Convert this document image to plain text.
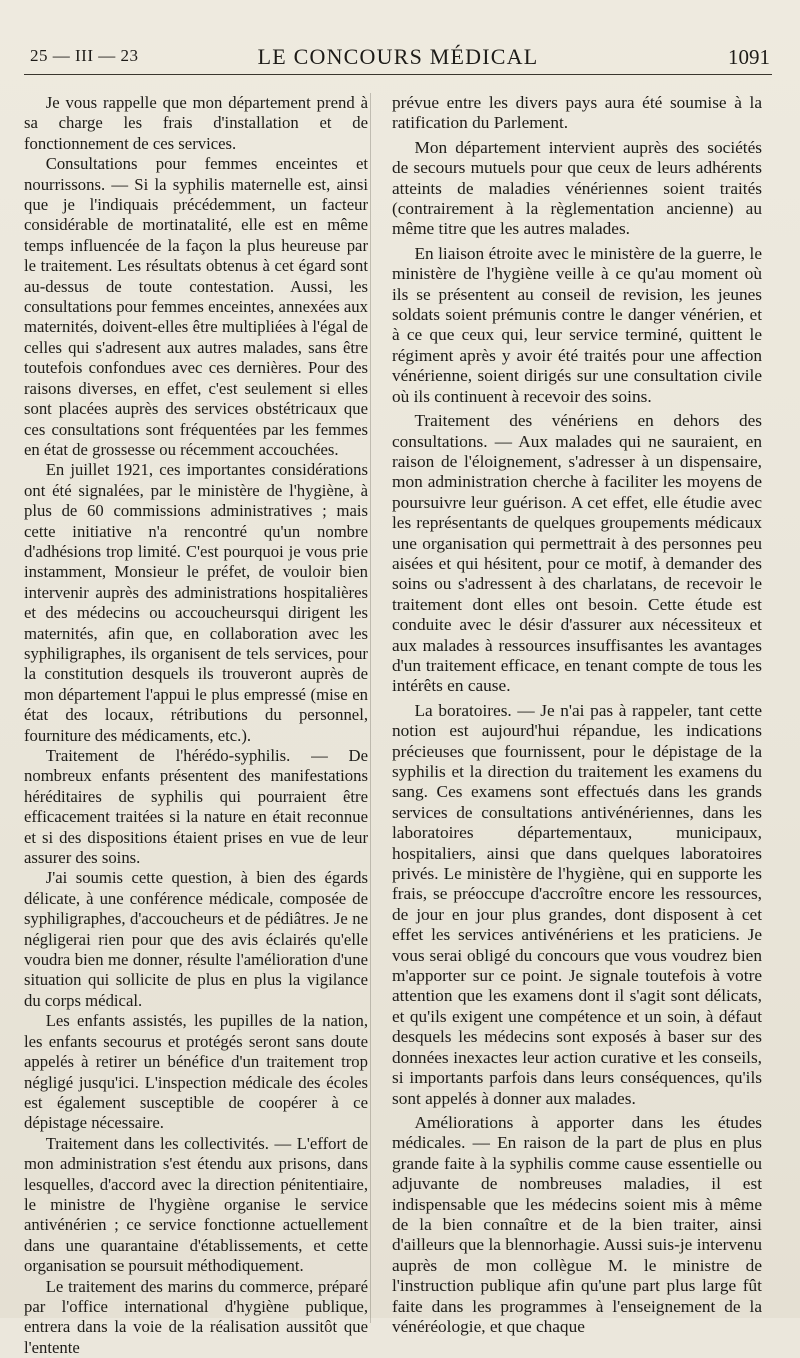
25 — III — 23	LE CONCOURS MÉDICAL	1091

Je vous rappelle que mon département prend à sa charge les frais d'installation et de fonctionnement de ces services.

Consultations pour femmes enceintes et nourrissons. — Si la syphilis maternelle est, ainsi que je l'indiquais précédemment, un facteur considérable de mortinatalité, elle est en même temps influencée de la façon la plus heureuse par le traitement. Les résultats obtenus à cet égard sont au-dessus de toute contestation. Aussi, les consultations pour femmes enceintes, annexées aux maternités, doivent-elles être multipliées à l'égal de celles qui s'adresent aux autres malades, sans être toutefois confondues avec ces dernières. Pour des raisons diverses, en effet, c'est seulement si elles sont placées auprès des services obstétricaux que ces consultations sont fréquentées par les femmes en état de grossesse ou récemment accouchées.

En juillet 1921, ces importantes considérations ont été signalées, par le ministère de l'hygiène, à plus de 60 commissions administratives ; mais cette initiative n'a rencontré qu'un nombre d'adhésions trop limité. C'est pourquoi je vous prie instamment, Monsieur le préfet, de vouloir bien intervenir auprès des administrations hospitalières et des médecins ou accoucheursqui dirigent les maternités, afin que, en collaboration avec les syphiligraphes, ils organisent de tels services, pour la constitution desquels ils trouveront auprès de mon département l'appui le plus empressé (mise en état des locaux, rétributions du personnel, fourniture des médicaments, etc.).

Traitement de l'hérédo-syphilis. — De nombreux enfants présentent des manifestations héréditaires de syphilis qui pourraient être efficacement traitées si la nature en était reconnue et si des dispositions étaient prises en vue de leur assurer des soins.

J'ai soumis cette question, à bien des égards délicate, à une conférence médicale, composée de syphiligraphes, d'accoucheurs et de pédiâtres. Je ne négligerai rien pour que des avis éclairés qu'elle voudra bien me donner, résulte l'amélioration d'une situation qui sollicite de plus en plus la vigilance du corps médical.

Les enfants assistés, les pupilles de la nation, les enfants secourus et protégés seront sans doute appelés à retirer un bénéfice d'un traitement trop négligé jusqu'ici. L'inspection médicale des écoles est également susceptible de coopérer à ce dépistage nécessaire.

Traitement dans les collectivités. — L'effort de mon administration s'est étendu aux prisons, dans lesquelles, d'accord avec la direction pénitentiaire, le ministre de l'hygiène organise le service antivénérien ; ce service fonctionne actuellement dans une quarantaine d'établissements, et cette organisation se poursuit méthodiquement.

Le traitement des marins du commerce, préparé par l'office international d'hygiène publique, entrera dans la voie de la réalisation aussitôt que l'entente

prévue entre les divers pays aura été soumise à la ratification du Parlement.

Mon département intervient auprès des sociétés de secours mutuels pour que ceux de leurs adhérents atteints de maladies vénériennes soient traités (contrairement à la règlementation ancienne) au même titre que les autres malades.

En liaison étroite avec le ministère de la guerre, le ministère de l'hygiène veille à ce qu'au moment où ils se présentent au conseil de revision, les jeunes soldats soient prémunis contre le danger vénérien, et à ce que ceux qui, leur service terminé, quittent le régiment après y avoir été traités pour une affection vénérienne, soient dirigés sur une consultation civile où ils continuent à recevoir des soins.

Traitement des vénériens en dehors des consultations. — Aux malades qui ne sauraient, en raison de l'éloignement, s'adresser à un dispensaire, mon administration cherche à faciliter les moyens de poursuivre leur guérison. A cet effet, elle étudie avec les représentants de quelques groupements médicaux une organisation qui permettrait à des personnes peu aisées et qui hésitent, pour ce motif, à demander des soins ou s'adressent à des charlatans, de recevoir le traitement dont elles ont besoin. Cette étude est conduite avec le désir d'assurer aux nécessiteux et aux malades à ressources insuffisantes les avantages d'un traitement efficace, en tenant compte de tous les intérêts en cause.

La boratoires. — Je n'ai pas à rappeler, tant cette notion est aujourd'hui répandue, les indications précieuses que fournissent, pour le dépistage de la syphilis et la direction du traitement les examens du sang. Ces examens sont effectués dans les grands services de consultations antivénériennes, dans les laboratoires départementaux, municipaux, hospitaliers, ainsi que dans quelques laboratoires privés. Le ministère de l'hygiène, qui en supporte les frais, se préoccupe d'accroître encore les ressources, de jour en jour plus grandes, dont disposent à cet effet les services antivénériens et les praticiens. Je vous serai obligé du concours que vous voudrez bien m'apporter sur ce point. Je signale toutefois à votre attention que les examens dont il s'agit sont délicats, et qu'ils exigent une compétence et un soin, à défaut desquels les médecins sont exposés à baser sur des données inexactes leur action curative et les conseils, si importants parfois dans leurs conséquences, qu'ils sont appelés à donner aux malades.

Améliorations à apporter dans les études médicales. — En raison de la part de plus en plus grande faite à la syphilis comme cause essentielle ou adjuvante de nombreuses maladies, il est indispensable que les médecins soient mis à même de la bien connaître et de la bien traiter, ainsi d'ailleurs que la blennorhagie. Aussi suis-je intervenu auprès de mon collègue M. le ministre de l'instruction publique afin qu'une part plus large fût faite dans les programmes à l'enseignement de la vénéréologie, et que chaque
